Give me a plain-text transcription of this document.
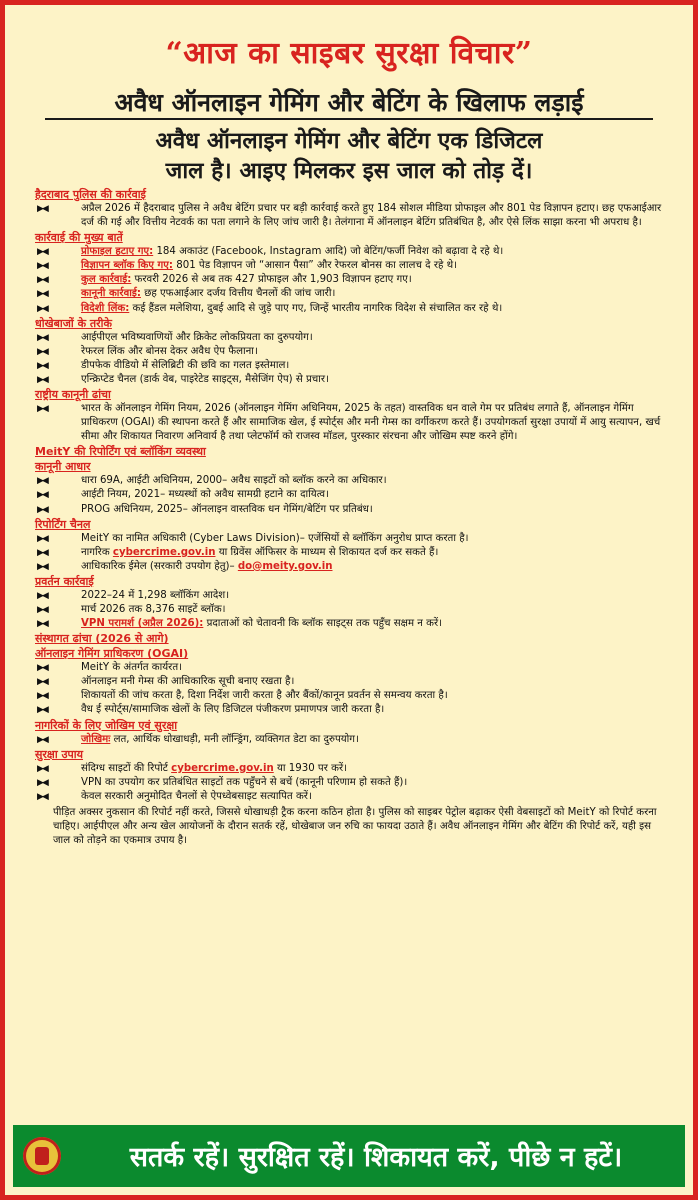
“आज का साइबर सुरक्षा विचार”
अवैध ऑनलाइन गेमिंग और बेटिंग के खिलाफ लड़ाई
अवैध ऑनलाइन गेमिंग और बेटिंग एक डिजिटल
जाल है। आइए मिलकर इस जाल को तोड़ दें।
हैदराबाद पुलिस की कार्रवाई
▶◀	अप्रैल 2026 में हैदराबाद पुलिस ने अवैध बेटिंग प्रचार पर बड़ी कार्रवाई करते हुए 184 सोशल मीडिया प्रोफाइल और 801 पेड विज्ञापन हटाए। छह एफआईआर दर्ज की गई और वित्तीय नेटवर्क का पता लगाने के लिए जांच जारी है। तेलंगाना में ऑनलाइन बेटिंग प्रतिबंधित है, और ऐसे लिंक साझा करना भी अपराध है।
कार्रवाई की मुख्य बातें
▶◀	प्रोफाइल हटाए गए: 184 अकाउंट (Facebook, Instagram आदि) जो बेटिंग/फर्जी निवेश को बढ़ावा दे रहे थे।
▶◀	विज्ञापन ब्लॉक किए गए: 801 पेड विज्ञापन जो “आसान पैसा” और रेफरल बोनस का लालच दे रहे थे।
▶◀	कुल कार्रवाई: फरवरी 2026 से अब तक 427 प्रोफाइल और 1,903 विज्ञापन हटाए गए।
▶◀	कानूनी कार्रवाई: छह एफआईआर दर्जय वित्तीय चैनलों की जांच जारी।
▶◀	विदेशी लिंक: कई हैंडल मलेशिया, दुबई आदि से जुड़े पाए गए, जिन्हें भारतीय नागरिक विदेश से संचालित कर रहे थे।
धोखेबाजों के तरीके
▶◀	आईपीएल भविष्यवाणियों और क्रिकेट लोकप्रियता का दुरुपयोग।
▶◀	रेफरल लिंक और बोनस देकर अवैध ऐप फैलाना।
▶◀	डीपफेक वीडियो में सेलिब्रिटी की छवि का गलत इस्तेमाल।
▶◀	एन्क्रिप्टेड चैनल (डार्क वेब, पाइरेटेड साइट्स, मैसेजिंग ऐप) से प्रचार।
राष्ट्रीय कानूनी ढांचा
▶◀	भारत के ऑनलाइन गेमिंग नियम, 2026 (ऑनलाइन गेमिंग अधिनियम, 2025 के तहत) वास्तविक धन वाले गेम पर प्रतिबंध लगाते हैं, ऑनलाइन गेमिंग प्राधिकरण (OGAI) की स्थापना करते हैं और सामाजिक खेल, ई स्पोर्ट्स और मनी गेम्स का वर्गीकरण करते हैं। उपयोगकर्ता सुरक्षा उपायों में आयु सत्यापन, खर्च सीमा और शिकायत निवारण अनिवार्य है तथा प्लेटफॉर्म को राजस्व मॉडल, पुरस्कार संरचना और जोखिम स्पष्ट करने होंगे।
MeitY की रिपोर्टिंग एवं ब्लॉकिंग व्यवस्था
कानूनी आधार
▶◀	धारा 69A, आईटी अधिनियम, 2000– अवैध साइटों को ब्लॉक करने का अधिकार।
▶◀	आईटी नियम, 2021– मध्यस्थों को अवैध सामग्री हटाने का दायित्व।
▶◀	PROG अधिनियम, 2025– ऑनलाइन वास्तविक धन गेमिंग/बेटिंग पर प्रतिबंध।
रिपोर्टिंग चैनल
▶◀	MeitY का नामित अधिकारी (Cyber Laws Division)– एजेंसियों से ब्लॉकिंग अनुरोध प्राप्त करता है।
▶◀	नागरिक cybercrime.gov.in या ग्रिवेंस ऑफिसर के माध्यम से शिकायत दर्ज कर सकते हैं।
▶◀	आधिकारिक ईमेल (सरकारी उपयोग हेतु)– do@meity.gov.in
प्रवर्तन कार्रवाई
▶◀	2022–24 में 1,298 ब्लॉकिंग आदेश।
▶◀	मार्च 2026 तक 8,376 साइटें ब्लॉक।
▶◀	VPN परामर्श (अप्रैल 2026): प्रदाताओं को चेतावनी कि ब्लॉक साइट्स तक पहुँच सक्षम न करें।
संस्थागत ढांचा (2026 से आगे)
ऑनलाइन गेमिंग प्राधिकरण (OGAI)
▶◀	MeitY के अंतर्गत कार्यरत।
▶◀	ऑनलाइन मनी गेम्स की आधिकारिक सूची बनाए रखता है।
▶◀	शिकायतों की जांच करता है, दिशा निर्देश जारी करता है और बैंकों/कानून प्रवर्तन से समन्वय करता है।
▶◀	वैध ई स्पोर्ट्स/सामाजिक खेलों के लिए डिजिटल पंजीकरण प्रमाणपत्र जारी करता है।
नागरिकों के लिए जोखिम एवं सुरक्षा
▶◀	जोखिमः लत, आर्थिक धोखाधड़ी, मनी लॉन्ड्रिंग, व्यक्तिगत डेटा का दुरुपयोग।
सुरक्षा उपाय
▶◀	संदिग्ध साइटों की रिपोर्ट cybercrime.gov.in या 1930 पर करें।
▶◀	VPN का उपयोग कर प्रतिबंधित साइटों तक पहुँचने से बचें (कानूनी परिणाम हो सकते हैं)।
▶◀	केवल सरकारी अनुमोदित चैनलों से ऐपध्वेबसाइट सत्यापित करें।
पीड़ित अक्सर नुकसान की रिपोर्ट नहीं करते, जिससे धोखाधड़ी ट्रैक करना कठिन होता है। पुलिस को साइबर पेट्रोल बढ़ाकर ऐसी वेबसाइटों को MeitY को रिपोर्ट करना चाहिए। आईपीएल और अन्य खेल आयोजनों के दौरान सतर्क रहें, धोखेबाज जन रुचि का फायदा उठाते हैं। अवैध ऑनलाइन गेमिंग और बेटिंग की रिपोर्ट करें, यही इस जाल को तोड़ने का एकमात्र उपाय है।
सतर्क रहें। सुरक्षित रहें। शिकायत करें, पीछे न हटें।
